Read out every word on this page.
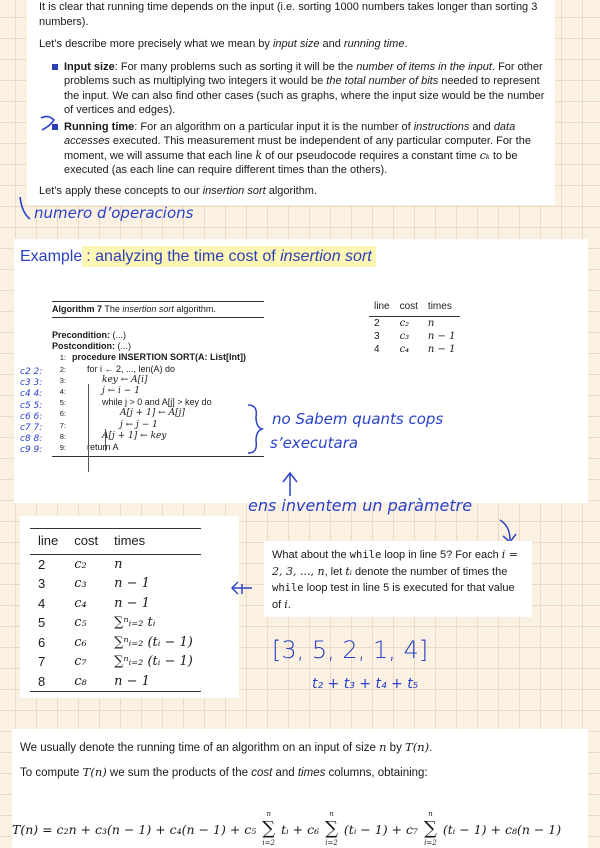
It is clear that running time depends on the input (i.e. sorting 1000 numbers takes longer than sorting 3 numbers).

Let’s describe more precisely what we mean by input size and running time.

Input size: For many problems such as sorting it will be the number of items in the input. For other problems such as multiplying two integers it would be the total number of bits needed to represent the input. We can also find other cases (such as graphs, where the input size would be the number of vertices and edges).
Running time: For an algorithm on a particular input it is the number of instructions and data accesses executed. This measurement must be independent of any particular computer. For the moment, we will assume that each line k of our pseudocode requires a constant time cₖ to be executed (as each line can require different times than the others).

Let’s apply these concepts to our insertion sort algorithm.

numero d’operacions
Example : analyzing the time cost of insertion sort
Algorithm 7 The insertion sort algorithm.
Precondition: (...)
Postcondition: (...)
1: procedure INSERTION SORT(A: List[Int])
2: for i ← 2, ..., len(A) do
3:	key ← A[i]
4:	j ← i − 1
5:	while j > 0 and A[j] > key do
6:	A[j + 1] ← A[j]
7:	j ← j − 1
8:	A[j + 1] ← key
9: return A
c2 2:
c3 3:
c4 4:
c5 5:
c6 6:
c7 7:
c8 8:
c9 9:
line	cost	times
2	c₂	n
3	c₃	n − 1
4	c₄	n − 1
no Sabem quants cops
s’executara
ens inventem un paràmetre
line	cost	times
2	c₂	n
3	c₃	n − 1
4	c₄	n − 1
5	c₅	∑ⁿᵢ₌₂ tᵢ
6	c₆	∑ⁿᵢ₌₂ (tᵢ − 1)
7	c₇	∑ⁿᵢ₌₂ (tᵢ − 1)
8	c₈	n − 1
What about the while loop in line 5? For each i = 2, 3, ..., n, let tᵢ denote the number of times the while loop test in line 5 is executed for that value of i.
[3, 5, 2, 1, 4]
t₂ + t₃ + t₄ + t₅
We usually denote the running time of an algorithm on an input of size n by T(n).
To compute T(n) we sum the products of the cost and times columns, obtaining:
T(n) = c₂n + c₃(n − 1) + c₄(n − 1) + c₅ ∑
n
i=2
tᵢ + c₆ ∑
n
i=2
(tᵢ − 1) + c₇ ∑
n
i=2
(tᵢ − 1) + c₈(n − 1)
